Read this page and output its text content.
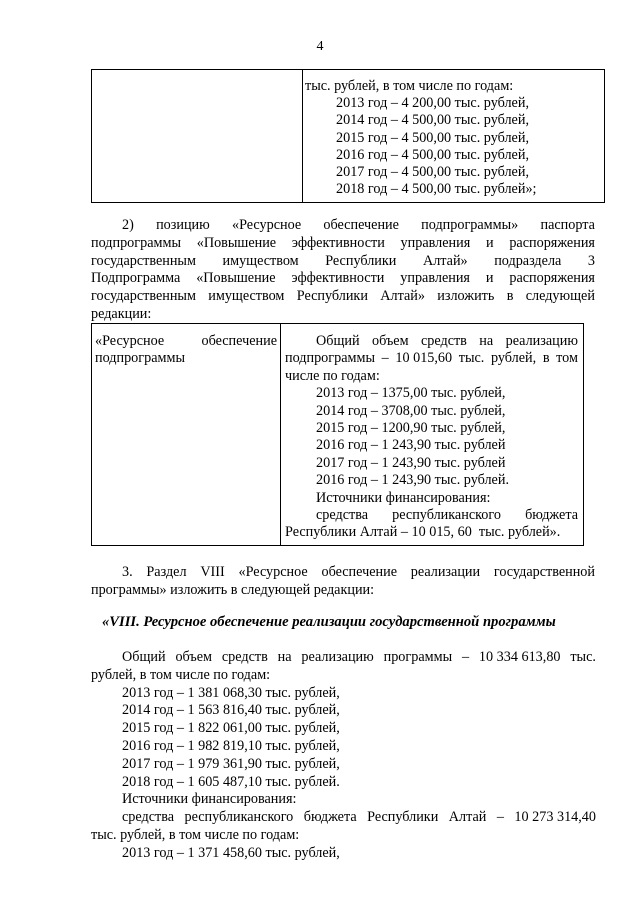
4
тыс. рублей, в том числе по годам:
2013 год – 4 200,00 тыс. рублей,
2014 год – 4 500,00 тыс. рублей,
2015 год – 4 500,00 тыс. рублей,
2016 год – 4 500,00 тыс. рублей,
2017 год – 4 500,00 тыс. рублей,
2018 год – 4 500,00 тыс. рублей»;
2) позицию «Ресурсное обеспечение подпрограммы» паспорта
подпрограммы «Повышение эффективности управления и распоряжения
государственным имуществом Республики Алтай» подраздела 3
Подпрограмма «Повышение эффективности управления и распоряжения
государственным имуществом Республики Алтай» изложить в следующей
редакции:
«Ресурсное	обеспечение
подпрограммы
Общий объем средств на реализацию
подпрограммы – 10 015,60 тыс. рублей, в том
числе по годам:
2013 год – 1375,00 тыс. рублей,
2014 год – 3708,00 тыс. рублей,
2015 год – 1200,90 тыс. рублей,
2016 год – 1 243,90 тыс. рублей
2017 год – 1 243,90 тыс. рублей
2016 год – 1 243,90 тыс. рублей.
Источники финансирования:
средства республиканского бюджета
Республики Алтай – 10 015, 60  тыс. рублей».
3. Раздел VIII «Ресурсное обеспечение реализации государственной
программы» изложить в следующей редакции:
«VIII. Ресурсное обеспечение реализации государственной программы
Общий объем средств на реализацию программы – 10 334 613,80 тыс.
рублей, в том числе по годам:
2013 год – 1 381 068,30 тыс. рублей,
2014 год – 1 563 816,40 тыс. рублей,
2015 год – 1 822 061,00 тыс. рублей,
2016 год – 1 982 819,10 тыс. рублей,
2017 год – 1 979 361,90 тыс. рублей,
2018 год – 1 605 487,10 тыс. рублей.
Источники финансирования:
средства республиканского бюджета Республики Алтай – 10 273 314,40
тыс. рублей, в том числе по годам:
2013 год – 1 371 458,60 тыс. рублей,
